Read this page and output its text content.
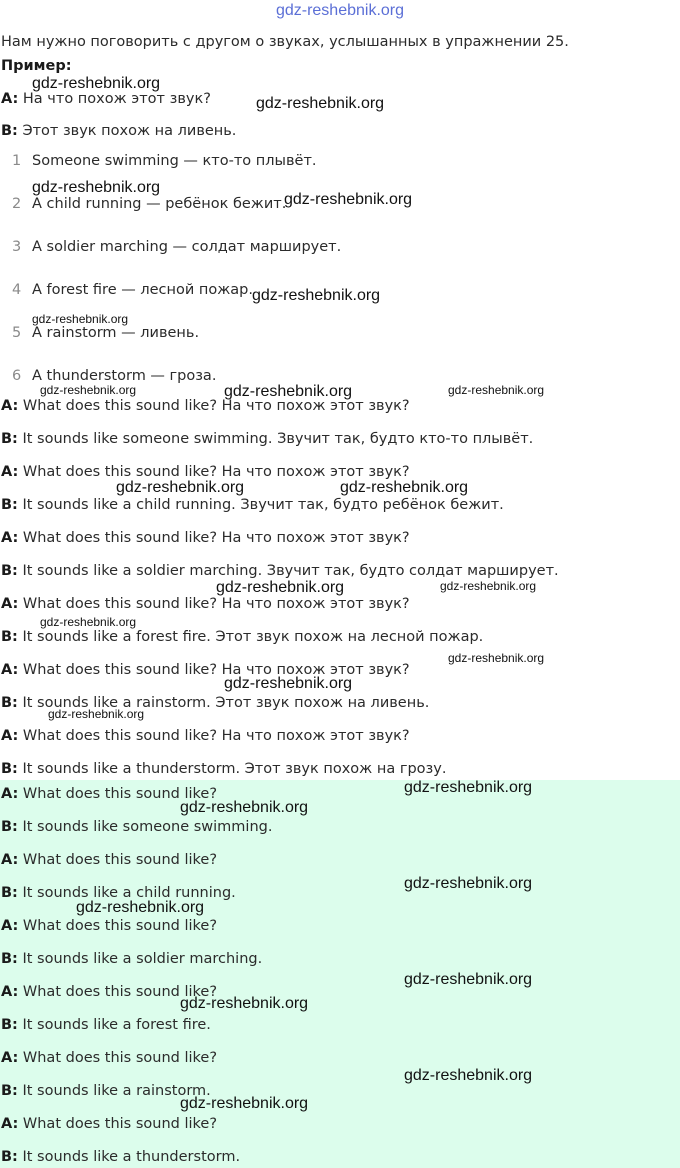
gdz-reshebnik.org
Нам нужно поговорить с другом о звуках, услышанных в упражнении 25.
Пример:
A: На что похож этот звук?
B: Этот звук похож на ливень.
1 Someone swimming — кто-то плывёт.
2 A child running — ребёнок бежит.
3 A soldier marching — солдат марширует.
4 A forest fire — лесной пожар.
5 A rainstorm — ливень.
6 A thunderstorm — гроза.
A: What does this sound like? На что похож этот звук?
B: It sounds like someone swimming. Звучит так, будто кто-то плывёт.
A: What does this sound like? На что похож этот звук?
B: It sounds like a child running. Звучит так, будто ребёнок бежит.
A: What does this sound like? На что похож этот звук?
B: It sounds like a soldier marching. Звучит так, будто солдат марширует.
A: What does this sound like? На что похож этот звук?
B: It sounds like a forest fire. Этот звук похож на лесной пожар.
A: What does this sound like? На что похож этот звук?
B: It sounds like a rainstorm. Этот звук похож на ливень.
A: What does this sound like? На что похож этот звук?
B: It sounds like a thunderstorm. Этот звук похож на грозу.
A: What does this sound like?
B: It sounds like someone swimming.
A: What does this sound like?
B: It sounds like a child running.
A: What does this sound like?
B: It sounds like a soldier marching.
A: What does this sound like?
B: It sounds like a forest fire.
A: What does this sound like?
B: It sounds like a rainstorm.
A: What does this sound like?
B: It sounds like a thunderstorm.
gdz-reshebnik.org
gdz-reshebnik.org
gdz-reshebnik.org
gdz-reshebnik.org
gdz-reshebnik.org
gdz-reshebnik.org
gdz-reshebnik.org	gdz-reshebnik.org	gdz-reshebnik.org
gdz-reshebnik.org	gdz-reshebnik.org
gdz-reshebnik.org	gdz-reshebnik.org
gdz-reshebnik.org
gdz-reshebnik.org
gdz-reshebnik.org
gdz-reshebnik.org
gdz-reshebnik.org
gdz-reshebnik.org
gdz-reshebnik.org
gdz-reshebnik.org
gdz-reshebnik.org
gdz-reshebnik.org
gdz-reshebnik.org
gdz-reshebnik.org
